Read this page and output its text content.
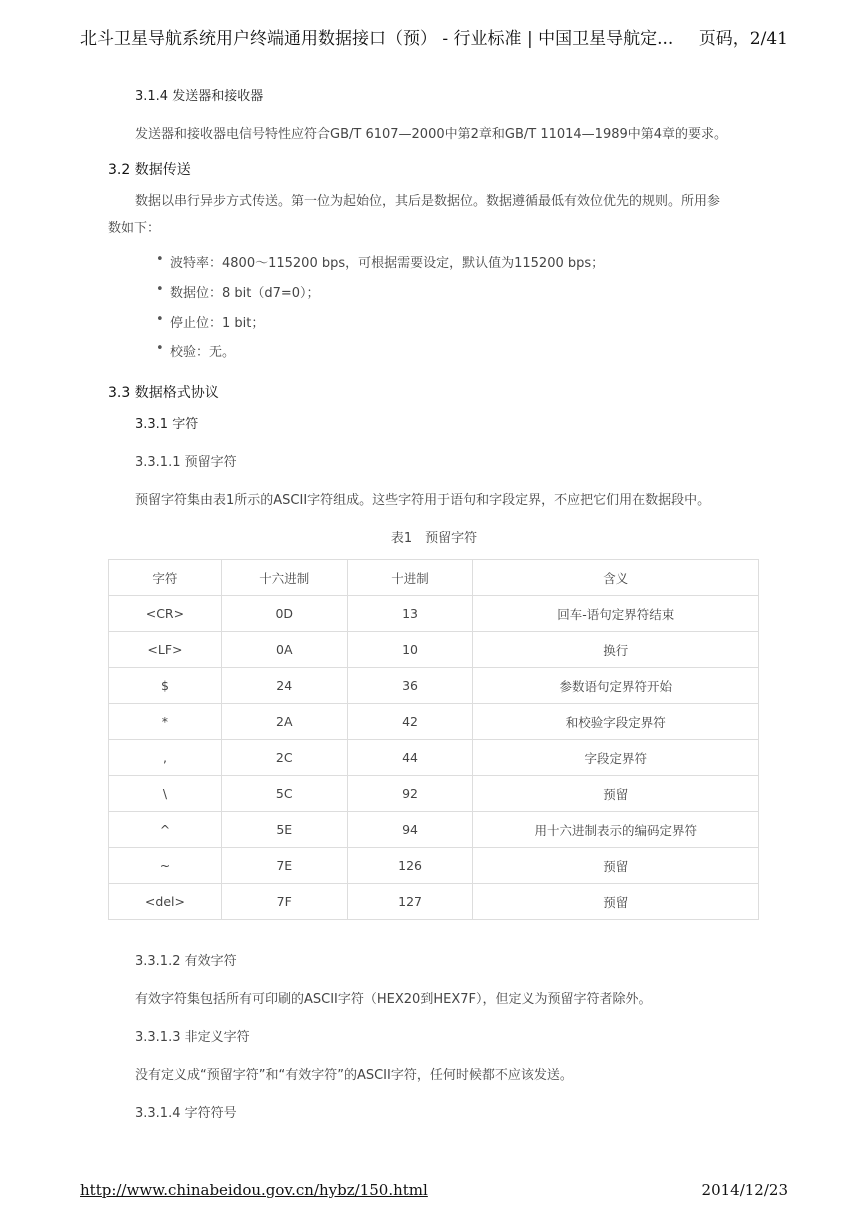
北斗卫星导航系统用户终端通用数据接口（预） - 行业标准 | 中国卫星导航定... 页码，2/41
3.1.4 发送器和接收器
发送器和接收器电信号特性应符合GB/T 6107—2000中第2章和GB/T 11014—1989中第4章的要求。
3.2 数据传送
数据以串行异步方式传送。第一位为起始位，其后是数据位。数据遵循最低有效位优先的规则。所用参
数如下：
• 波特率：4800～115200 bps，可根据需要设定，默认值为115200 bps；
• 数据位：8 bit（d7=0）；
• 停止位：1 bit；
• 校验：无。
3.3 数据格式协议
3.3.1 字符
3.3.1.1 预留字符
预留字符集由表1所示的ASCII字符组成。这些字符用于语句和字段定界，不应把它们用在数据段中。
表1　预留字符
字符	十六进制	十进制	含义
<CR>	0D	13	回车-语句定界符结束
<LF>	0A	10	换行
$	24	36	参数语句定界符开始
*	2A	42	和校验字段定界符
,	2C	44	字段定界符
\	5C	92	预留
^	5E	94	用十六进制表示的编码定界符
~	7E	126	预留
<del>	7F	127	预留
3.3.1.2 有效字符
有效字符集包括所有可印刷的ASCII字符（HEX20到HEX7F），但定义为预留字符者除外。
3.3.1.3 非定义字符
没有定义成“预留字符”和“有效字符”的ASCII字符，任何时候都不应该发送。
3.3.1.4 字符符号
http://www.chinabeidou.gov.cn/hybz/150.html	2014/12/23
